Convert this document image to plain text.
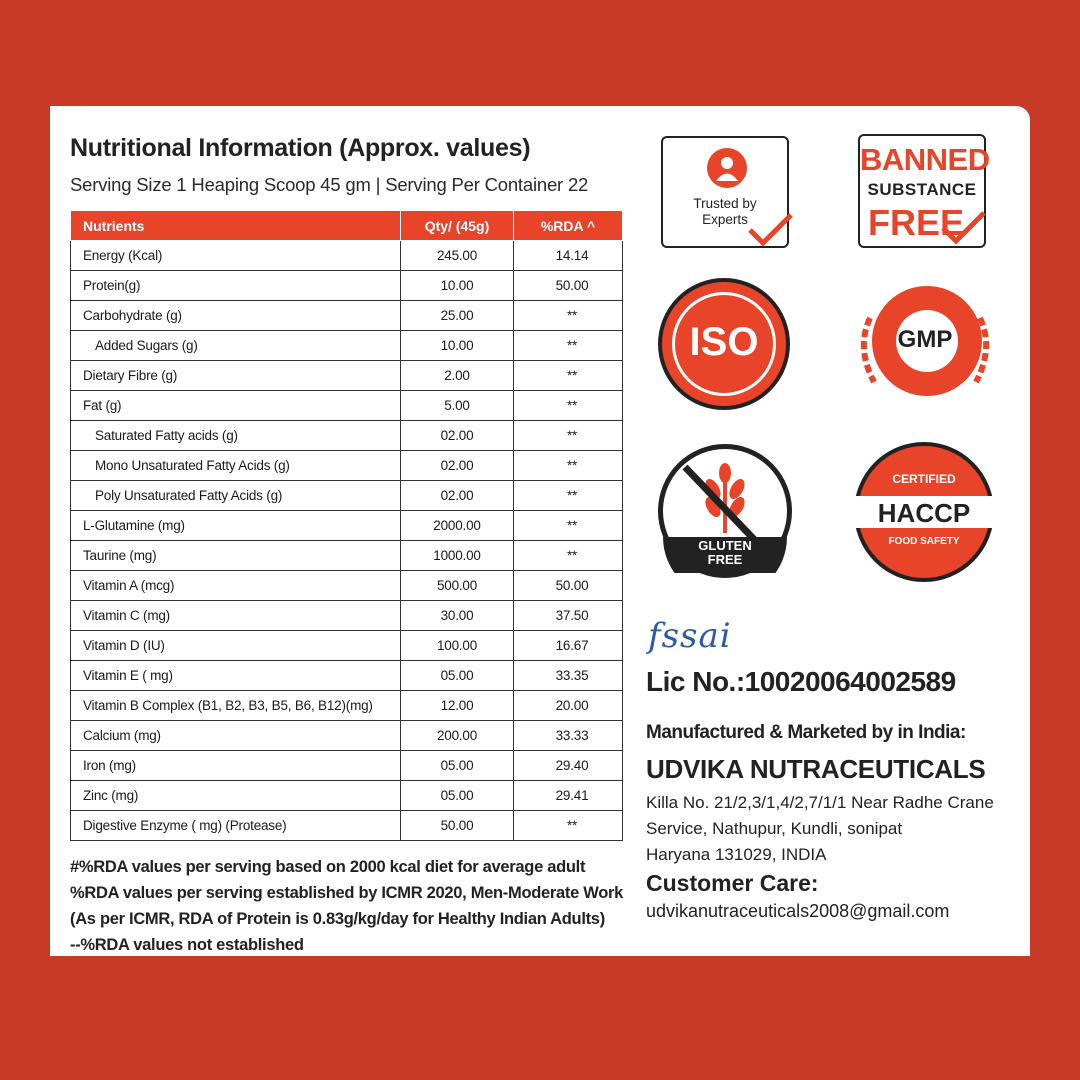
Nutritional Information (Approx. values)
Serving Size 1 Heaping Scoop 45 gm | Serving Per Container 22
Nutrients	Qty/ (45g)	%RDA ^
Energy (Kcal)	245.00	14.14
Protein(g)	10.00	50.00
Carbohydrate (g)	25.00	**
Added Sugars (g)	10.00	**
Dietary Fibre (g)	2.00	**
Fat (g)	5.00	**
Saturated Fatty acids (g)	02.00	**
Mono Unsaturated Fatty Acids (g)	02.00	**
Poly Unsaturated Fatty Acids (g)	02.00	**
L-Glutamine (mg)	2000.00	**
Taurine (mg)	1000.00	**
Vitamin A (mcg)	500.00	50.00
Vitamin C (mg)	30.00	37.50
Vitamin D (IU)	100.00	16.67
Vitamin E ( mg)	05.00	33.35
Vitamin B Complex (B1, B2, B3, B5, B6, B12)(mg)	12.00	20.00
Calcium (mg)	200.00	33.33
Iron (mg)	05.00	29.40
Zinc (mg)	05.00	29.41
Digestive Enzyme ( mg) (Protease)	50.00	**
#%RDA values per serving based on 2000 kcal diet for average adult
%RDA values per serving established by ICMR 2020, Men-Moderate Work
(As per ICMR, RDA of Protein is 0.83g/kg/day for Healthy Indian Adults)
--%RDA values not established
Trusted by Experts
BANNED
SUBSTANCE
FREE
ISO	GMP
GLUTEN
FREE
CERTIFIED
HACCP
FOOD SAFETY
fssai
Lic No.:10020064002589
Manufactured & Marketed by in India:
UDVIKA NUTRACEUTICALS
Killa No. 21/2,3/1,4/2,7/1/1 Near Radhe Crane
Service, Nathupur, Kundli, sonipat
Haryana 131029, INDIA
Customer Care:
udvikanutraceuticals2008@gmail.com
